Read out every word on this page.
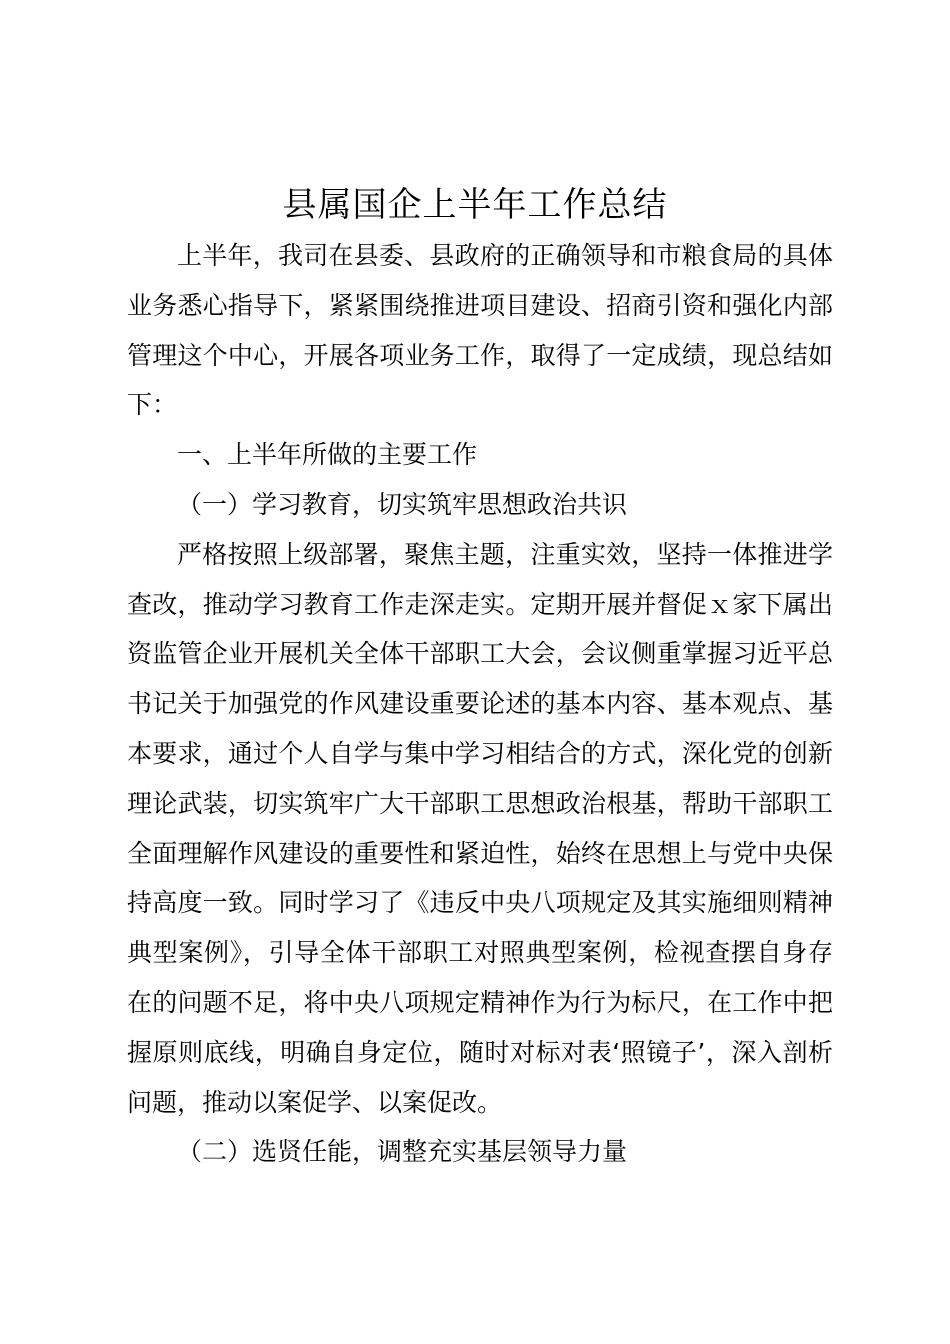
县属国企上半年工作总结

上半年，我司在县委、县政府的正确领导和市粮食局的具体业务悉心指导下，紧紧围绕推进项目建设、招商引资和强化内部管理这个中心，开展各项业务工作，取得了一定成绩，现总结如下：

一、上半年所做的主要工作

（一）学习教育，切实筑牢思想政治共识

严格按照上级部署，聚焦主题，注重实效，坚持一体推进学查改，推动学习教育工作走深走实。定期开展并督促ｘ家下属出资监管企业开展机关全体干部职工大会，会议侧重掌握习近平总书记关于加强党的作风建设重要论述的基本内容、基本观点、基本要求，通过个人自学与集中学习相结合的方式，深化党的创新理论武装，切实筑牢广大干部职工思想政治根基，帮助干部职工全面理解作风建设的重要性和紧迫性，始终在思想上与党中央保持高度一致。同时学习了《违反中央八项规定及其实施细则精神典型案例》，引导全体干部职工对照典型案例，检视查摆自身存在的问题不足，将中央八项规定精神作为行为标尺，在工作中把握原则底线，明确自身定位，随时对标对表‘照镜子’，深入剖析问题，推动以案促学、以案促改。

（二）选贤任能，调整充实基层领导力量
